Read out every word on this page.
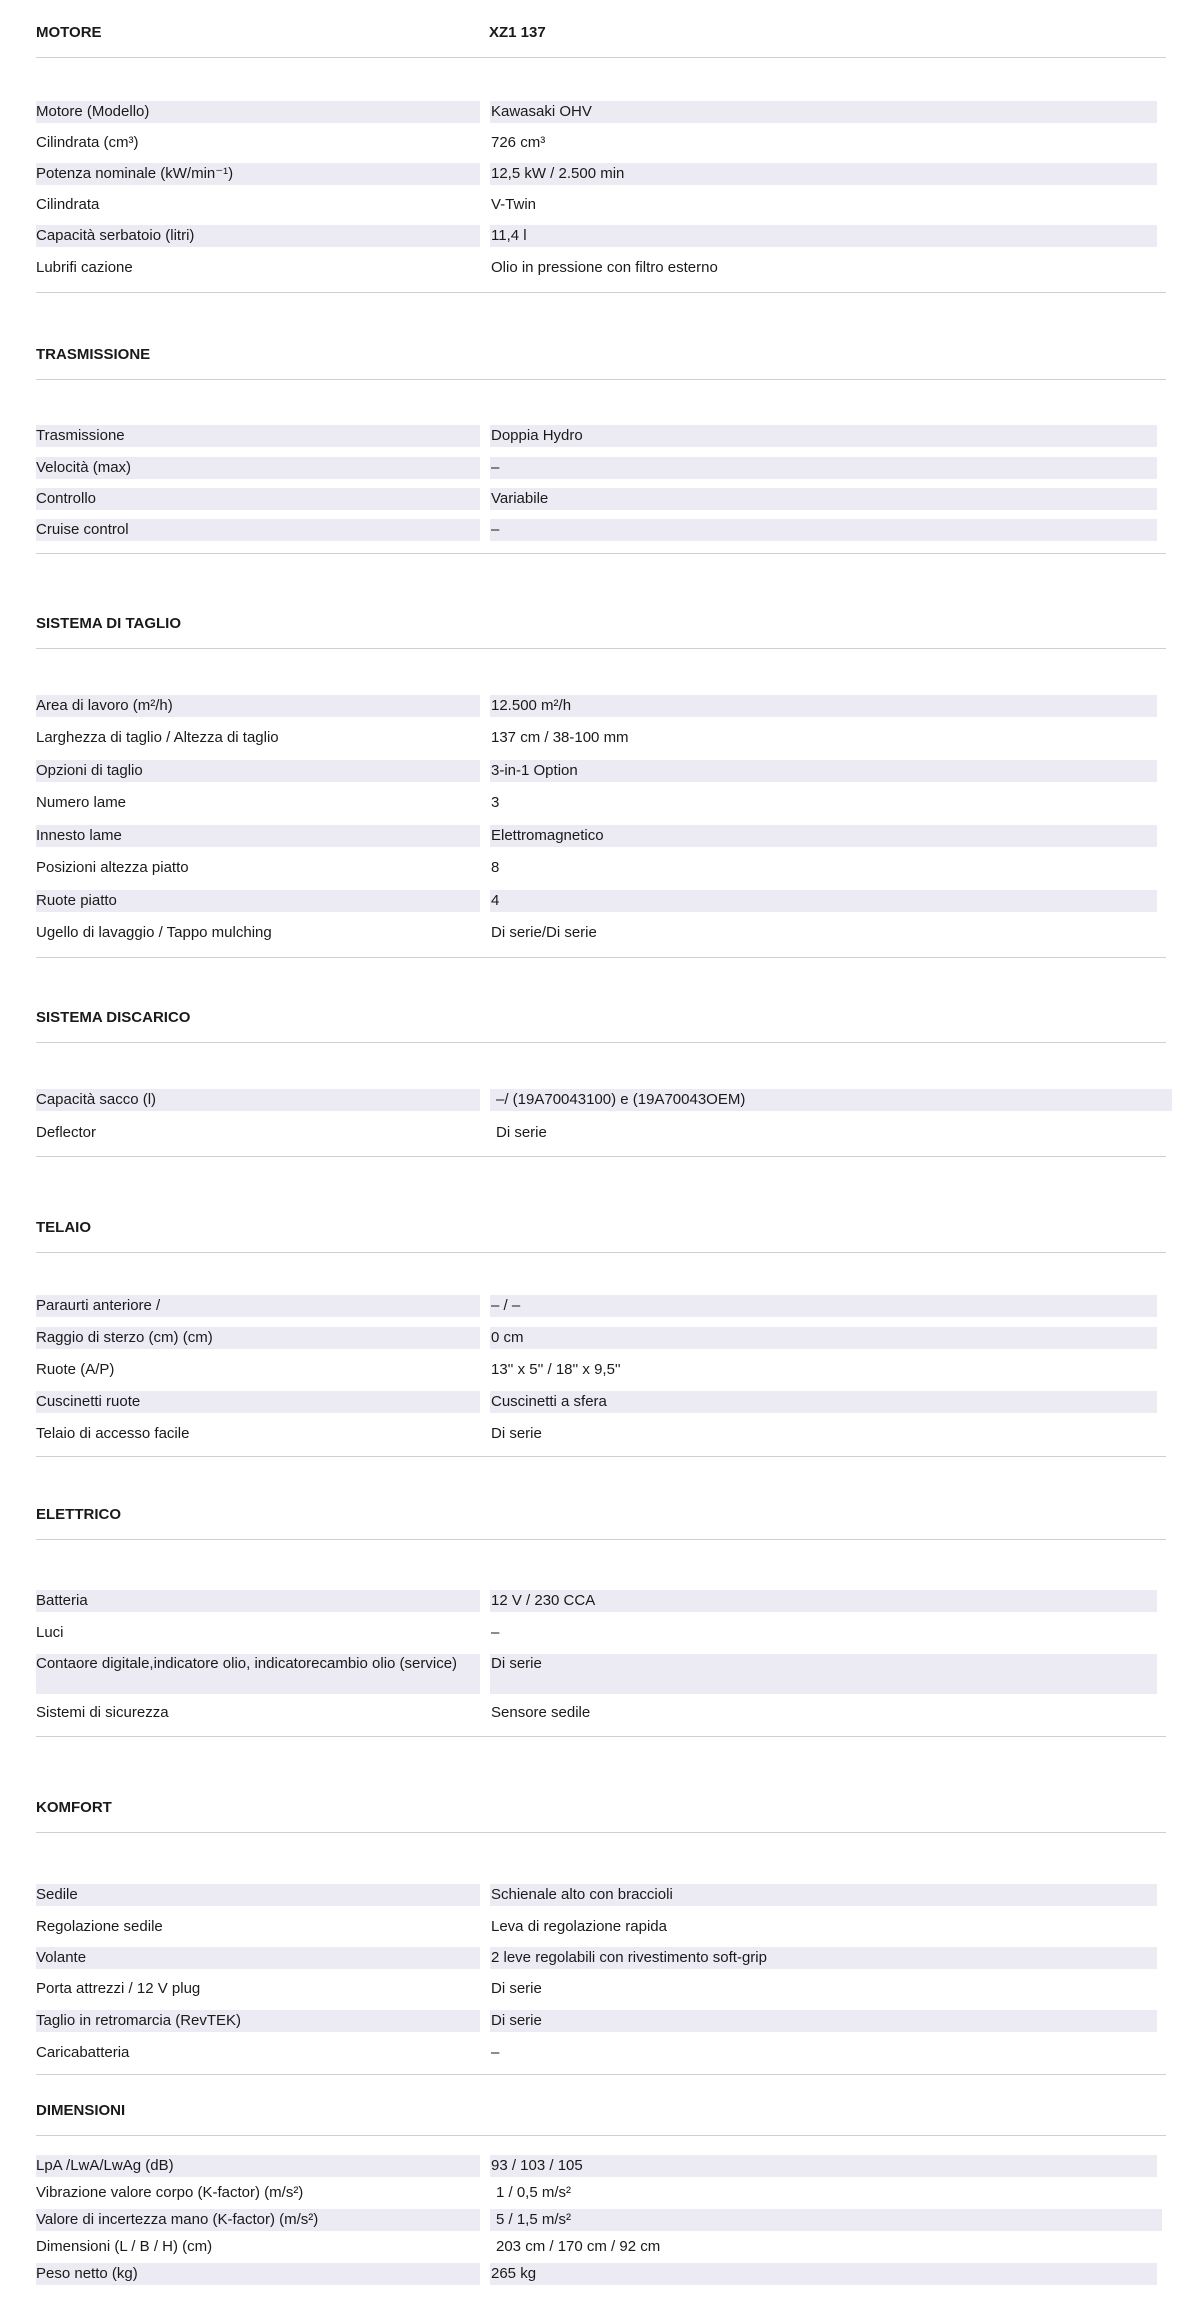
MOTORE	XZ1 137
Motore (Modello)	Kawasaki OHV
Cilindrata (cm³)	726 cm³
Potenza nominale (kW/min⁻¹)	12,5 kW / 2.500 min
Cilindrata	V-Twin
Capacità serbatoio (litri)	11,4 l
Lubrifi cazione	Olio in pressione con filtro esterno
TRASMISSIONE
Trasmissione	Doppia Hydro
Velocità (max)	–
Controllo	Variabile
Cruise control	–
SISTEMA DI TAGLIO
Area di lavoro (m²/h)	12.500 m²/h
Larghezza di taglio / Altezza di taglio	137 cm / 38-100 mm
Opzioni di taglio	3-in-1 Option
Numero lame	3
Innesto lame	Elettromagnetico
Posizioni altezza piatto	8
Ruote piatto	4
Ugello di lavaggio / Tappo mulching	Di serie/Di serie
SISTEMA DISCARICO
Capacità sacco (l)	–/ (19A70043100) e (19A70043OEM)
Deflector	Di serie
TELAIO
Paraurti anteriore /	– / –
Raggio di sterzo (cm) (cm)	0 cm
Ruote (A/P)	13'' x 5'' / 18'' x 9,5''
Cuscinetti ruote	Cuscinetti a sfera
Telaio di accesso facile	Di serie
ELETTRICO
Batteria	12 V / 230 CCA
Luci	–
Contaore digitale,indicatore olio, indicatorecambio olio (service)	Di serie
Sistemi di sicurezza	Sensore sedile
KOMFORT
Sedile	Schienale alto con braccioli
Regolazione sedile	Leva di regolazione rapida
Volante	2 leve regolabili con rivestimento soft-grip
Porta attrezzi / 12 V plug	Di serie
Taglio in retromarcia (RevTEK)	Di serie
Caricabatteria	–
DIMENSIONI
LpA /LwA/LwAg (dB)	93 / 103 / 105
Vibrazione valore corpo (K-factor) (m/s²)	1 / 0,5 m/s²
Valore di incertezza mano (K-factor) (m/s²)	5 / 1,5 m/s²
Dimensioni (L / B / H) (cm)	203 cm / 170 cm / 92 cm
Peso netto (kg)	265 kg
